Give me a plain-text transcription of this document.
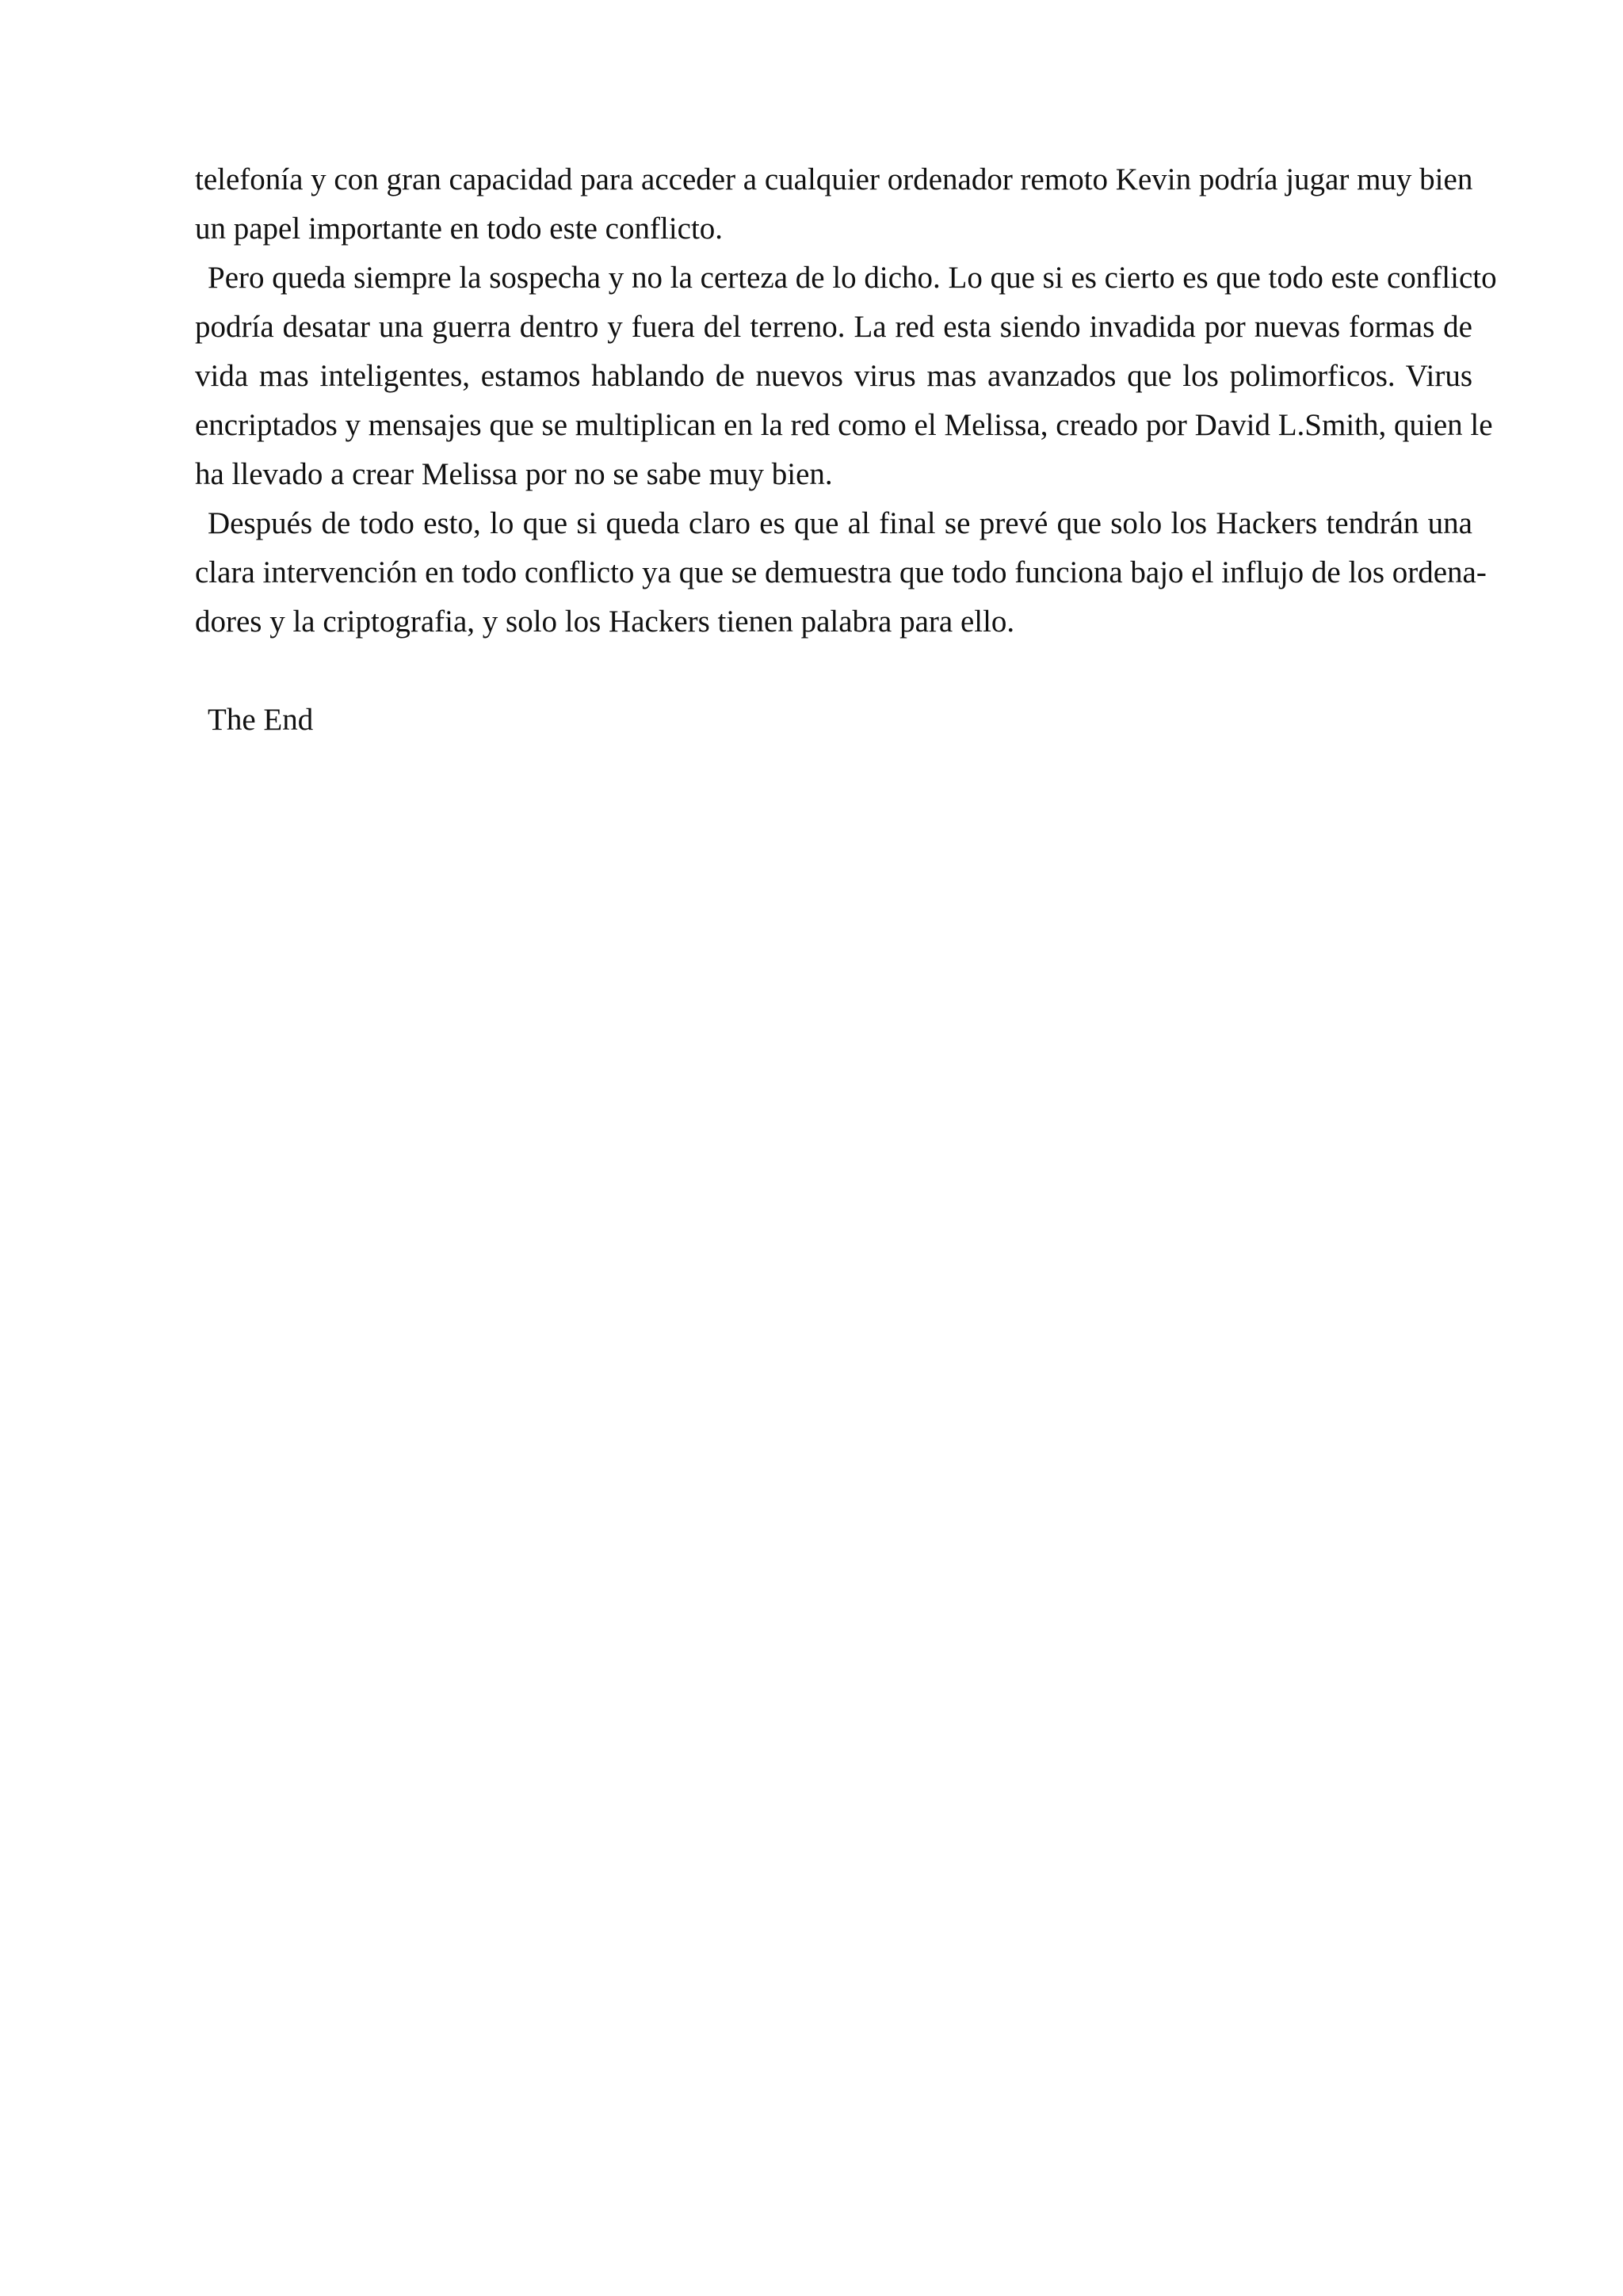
telefonía y con gran capacidad para acceder a cualquier ordenador remoto Kevin podría jugar muy bien
un papel importante en todo este conflicto.
Pero queda siempre la sospecha y no la certeza de lo dicho. Lo que si es cierto es que todo este conflicto
podría desatar una guerra dentro y fuera del terreno. La red esta siendo invadida por nuevas formas de
vida mas inteligentes, estamos hablando de nuevos virus mas avanzados que los polimorficos. Virus
encriptados y mensajes que se multiplican en la red como el Melissa, creado por David L.Smith, quien le
ha llevado a crear Melissa por no se sabe muy bien.
Después de todo esto, lo que si queda claro es que al final se prevé que solo los Hackers tendrán una
clara intervención en todo conflicto ya que se demuestra que todo funciona bajo el influjo de los ordena-
dores y la criptografia, y solo los Hackers tienen palabra para ello.
The End
